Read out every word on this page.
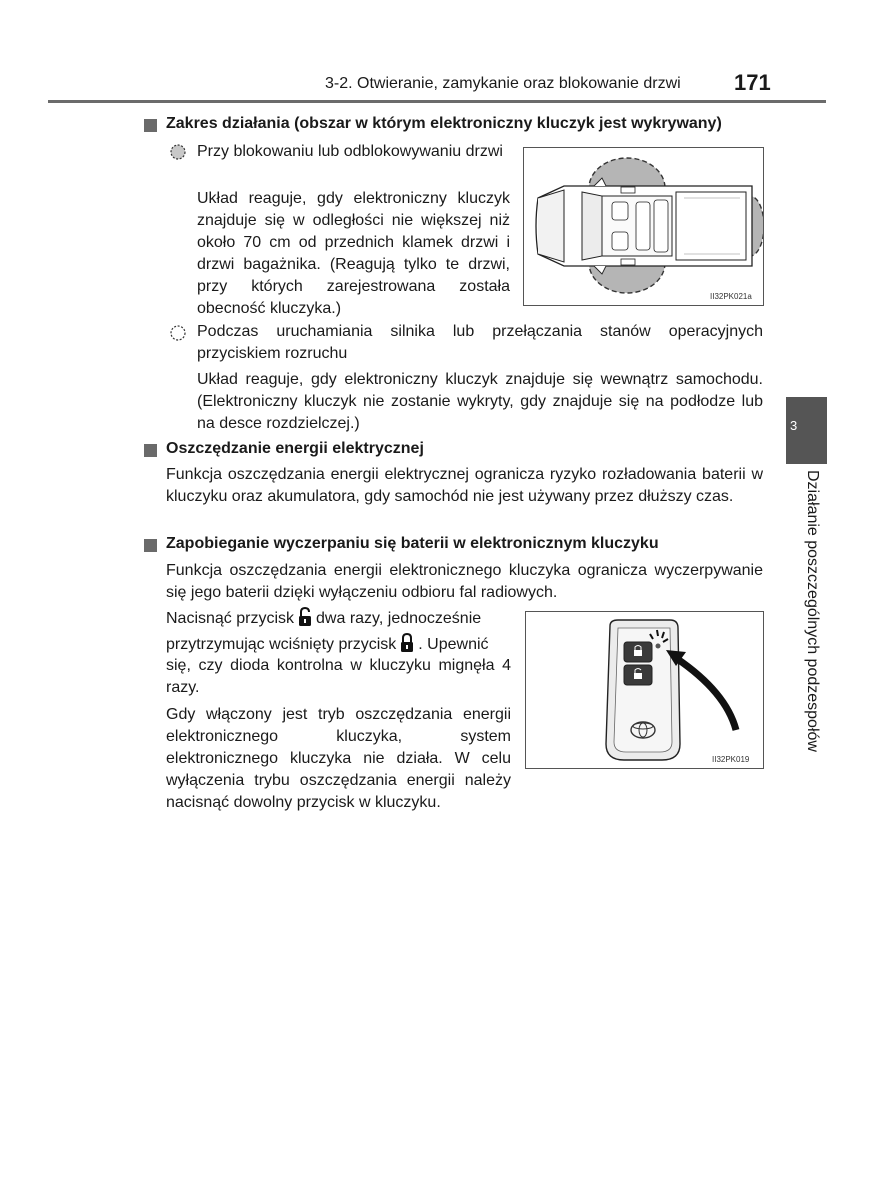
3-2. Otwieranie, zamykanie oraz blokowanie drzwi 171
3
Działanie poszczególnych podzespołów
Zakres działania (obszar w którym elektroniczny kluczyk jest wykrywany)
Przy blokowaniu lub odblokowywaniu drzwi
Układ reaguje, gdy elektroniczny kluczyk znajduje się w odległości nie większej niż około 70 cm od przednich klamek drzwi i drzwi bagażnika. (Reagują tylko te drzwi, przy których zarejestrowana została obecność kluczyka.)
II32PK021a
Podczas uruchamiania silnika lub przełączania stanów operacyjnych przyciskiem rozruchu
Układ reaguje, gdy elektroniczny kluczyk znajduje się wewnątrz samochodu. (Elektroniczny kluczyk nie zostanie wykryty, gdy znajduje się na podłodze lub na desce rozdzielczej.)
Oszczędzanie energii elektrycznej
Funkcja oszczędzania energii elektrycznej ogranicza ryzyko rozładowania baterii w kluczyku oraz akumulatora, gdy samochód nie jest używany przez dłuższy czas.
Zapobieganie wyczerpaniu się baterii w elektronicznym kluczyku
Funkcja oszczędzania energii elektronicznego kluczyka ogranicza wyczerpywanie się jego baterii dzięki wyłączeniu odbioru fal radiowych.
Nacisnąć przycisk dwa razy, jednocześnie
przytrzymując wciśnięty przycisk . Upewnić
się, czy dioda kontrolna w kluczyku mignęła 4 razy.
Gdy włączony jest tryb oszczędzania energii elektronicznego kluczyka, system elektronicznego kluczyka nie działa. W celu wyłączenia trybu oszczędzania energii należy nacisnąć dowolny przycisk w kluczyku.
II32PK019
